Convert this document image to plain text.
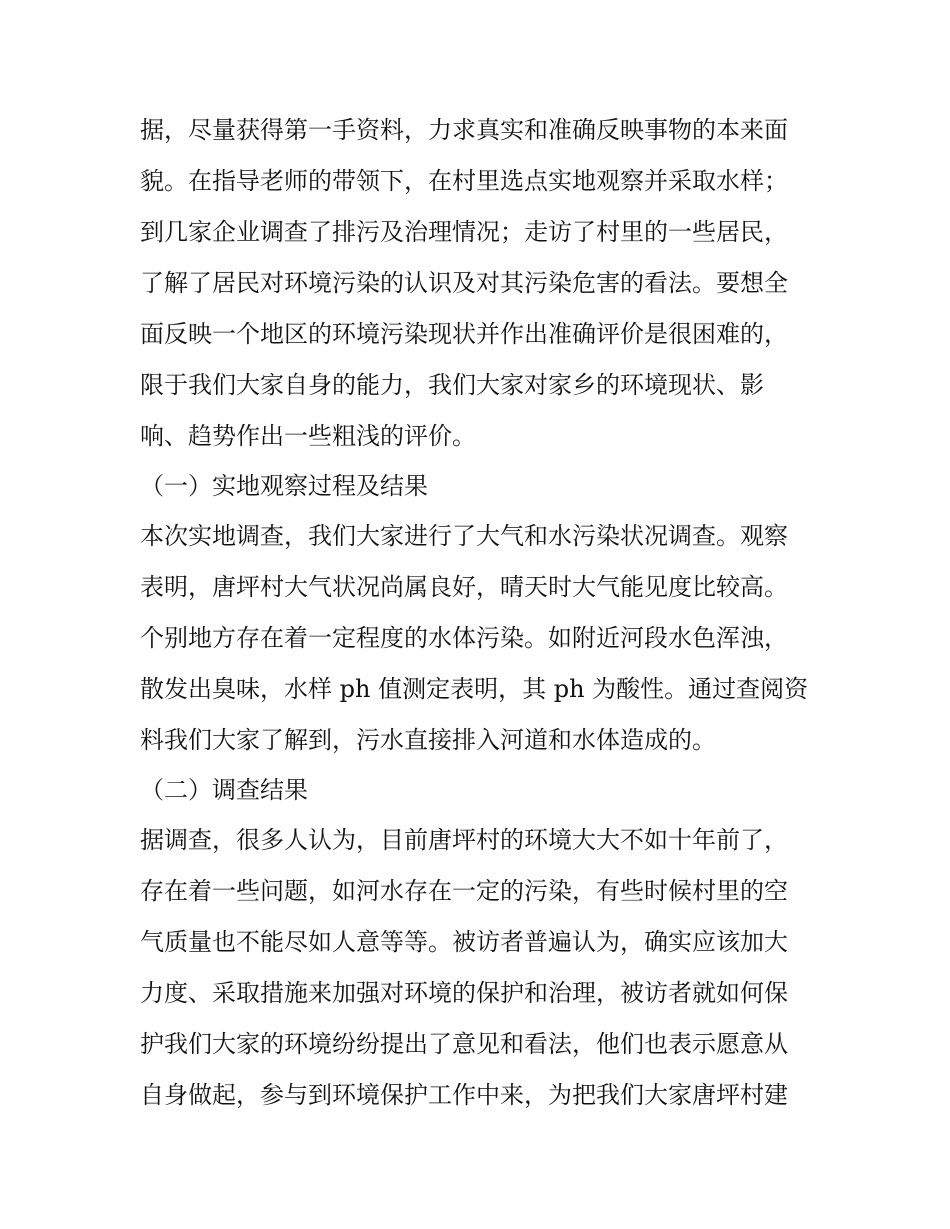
据，尽量获得第一手资料，力求真实和准确反映事物的本来面
貌。在指导老师的带领下，在村里选点实地观察并采取水样；
到几家企业调查了排污及治理情况；走访了村里的一些居民，
了解了居民对环境污染的认识及对其污染危害的看法。要想全
面反映一个地区的环境污染现状并作出准确评价是很困难的，
限于我们大家自身的能力，我们大家对家乡的环境现状、影
响、趋势作出一些粗浅的评价。
（一）实地观察过程及结果
本次实地调查，我们大家进行了大气和水污染状况调查。观察
表明，唐坪村大气状况尚属良好，晴天时大气能见度比较高。
个别地方存在着一定程度的水体污染。如附近河段水色浑浊，
散发出臭味，水样 ph 值测定表明，其 ph 为酸性。通过查阅资
料我们大家了解到，污水直接排入河道和水体造成的。
（二）调查结果
据调查，很多人认为，目前唐坪村的环境大大不如十年前了，
存在着一些问题，如河水存在一定的污染，有些时候村里的空
气质量也不能尽如人意等等。被访者普遍认为，确实应该加大
力度、采取措施来加强对环境的保护和治理，被访者就如何保
护我们大家的环境纷纷提出了意见和看法，他们也表示愿意从
自身做起，参与到环境保护工作中来，为把我们大家唐坪村建
